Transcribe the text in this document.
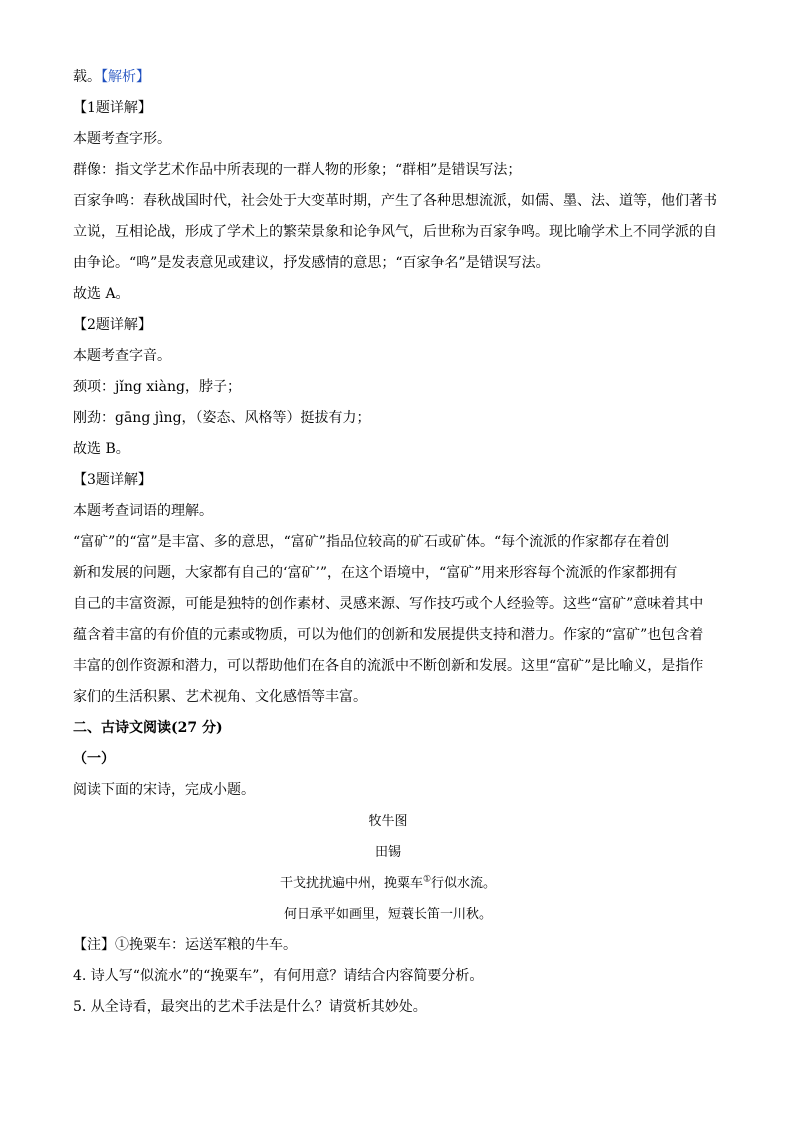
载。【解析】
【1题详解】
本题考查字形。
群像：指文学艺术作品中所表现的一群人物的形象；“群相”是错误写法；
百家争鸣：春秋战国时代，社会处于大变革时期，产生了各种思想流派，如儒、墨、法、道等，他们著书
立说，互相论战，形成了学术上的繁荣景象和论争风气，后世称为百家争鸣。现比喻学术上不同学派的自
由争论。“鸣”是发表意见或建议，抒发感情的意思；“百家争名”是错误写法。
故选 A。
【2题详解】
本题考查字音。
颈项：jǐng xiàng，脖子；
刚劲：gāng jìng，（姿态、风格等）挺拔有力；
故选 B。
【3题详解】
本题考查词语的理解。
“富矿”的“富”是丰富、多的意思，“富矿”指品位较高的矿石或矿体。“每个流派的作家都存在着创
新和发展的问题，大家都有自己的‘富矿’”，在这个语境中，“富矿”用来形容每个流派的作家都拥有
自己的丰富资源，可能是独特的创作素材、灵感来源、写作技巧或个人经验等。这些“富矿”意味着其中
蕴含着丰富的有价值的元素或物质，可以为他们的创新和发展提供支持和潜力。作家的“富矿”也包含着
丰富的创作资源和潜力，可以帮助他们在各自的流派中不断创新和发展。这里“富矿”是比喻义，是指作
家们的生活积累、艺术视角、文化感悟等丰富。
二、古诗文阅读(27 分)
（一）
阅读下面的宋诗，完成小题。
牧牛图
田锡
干戈扰扰遍中州，挽粟车①行似水流。
何日承平如画里，短蓑长笛一川秋。
【注】①挽粟车：运送军粮的牛车。
4. 诗人写“似流水”的“挽粟车”，有何用意？请结合内容简要分析。
5. 从全诗看，最突出的艺术手法是什么？请赏析其妙处。
